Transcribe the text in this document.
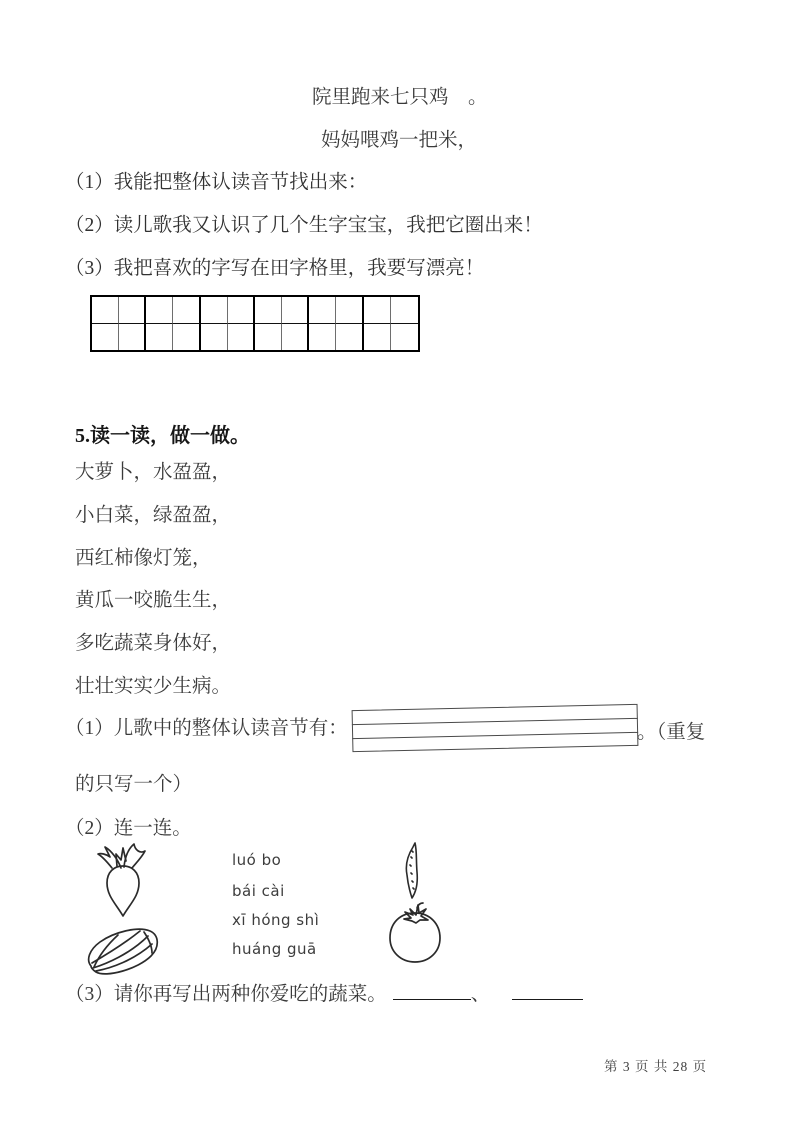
院里跑来七只鸡　。
妈妈喂鸡一把米，
（1）我能把整体认读音节找出来：
（2）读儿歌我又认识了几个生字宝宝，我把它圈出来！
（3）我把喜欢的字写在田字格里，我要写漂亮！
5.读一读，做一做。
大萝卜，水盈盈，
小白菜，绿盈盈，
西红柿像灯笼，
黄瓜一咬脆生生，
多吃蔬菜身体好，
壮壮实实少生病。
（1）儿歌中的整体认读音节有：	。（重复
的只写一个）
（2）连一连。
luó bo
bái cài
xī hóng shì
huáng guā
（3）请你再写出两种你爱吃的蔬菜。	、
第 3 页 共 28 页
